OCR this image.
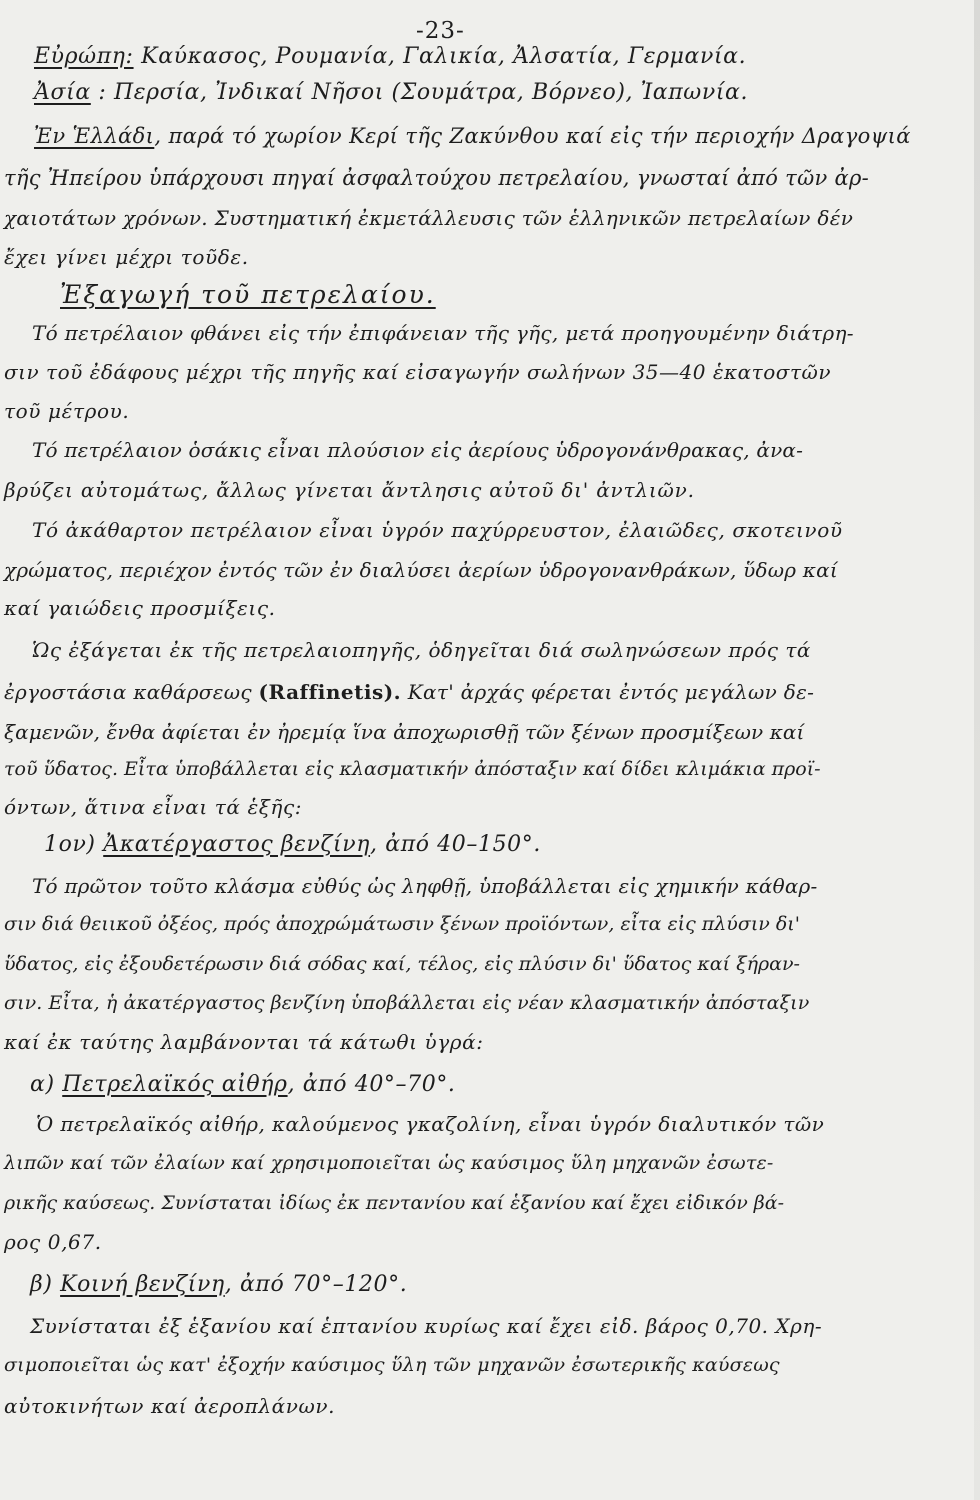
-23-
Εὐρώπη: Καύκασος, Ρουμανία, Γαλικία, Ἀλσατία, Γερμανία.
Ἀσία : Περσία, Ἰνδικαί Νῆσοι (Σουμάτρα, Βόρνεο), Ἰαπωνία.
Ἐν Ἑλλάδι, παρά τό χωρίον Κερί τῆς Ζακύνθου καί εἰς τήν περιοχήν Δραγοψιά
τῆς Ἠπείρου ὑπάρχουσι πηγαί ἀσφαλτούχου πετρελαίου, γνωσταί ἀπό τῶν ἀρ-
χαιοτάτων χρόνων. Συστηματική ἐκμετάλλευσις τῶν ἑλληνικῶν πετρελαίων δέν
ἔχει γίνει μέχρι τοῦδε.
Ἐξαγωγή τοῦ πετρελαίου.
Τό πετρέλαιον φθάνει εἰς τήν ἐπιφάνειαν τῆς γῆς, μετά προηγουμένην διάτρη-
σιν τοῦ ἐδάφους μέχρι τῆς πηγῆς καί εἰσαγωγήν σωλήνων 35—40 ἑκατοστῶν
τοῦ μέτρου.
Τό πετρέλαιον ὁσάκις εἶναι πλούσιον εἰς ἀερίους ὑδρογονάνθρακας, ἀνα-
βρύζει αὐτομάτως, ἄλλως γίνεται ἄντλησις αὐτοῦ δι' ἀντλιῶν.
Τό ἀκάθαρτον πετρέλαιον εἶναι ὑγρόν παχύρρευστον, ἐλαιῶδες, σκοτεινοῦ
χρώματος, περιέχον ἐντός τῶν ἐν διαλύσει ἀερίων ὑδρογονανθράκων, ὕδωρ καί
καί γαιώδεις προσμίξεις.
Ὡς ἐξάγεται ἐκ τῆς πετρελαιοπηγῆς, ὁδηγεῖται διά σωληνώσεων πρός τά
ἐργοστάσια καθάρσεως (Raffinetis). Κατ' ἀρχάς φέρεται ἐντός μεγάλων δε-
ξαμενῶν, ἔνθα ἀφίεται ἐν ἠρεμίᾳ ἵνα ἀποχωρισθῇ τῶν ξένων προσμίξεων καί
τοῦ ὕδατος. Εἶτα ὑποβάλλεται εἰς κλασματικήν ἀπόσταξιν καί δίδει κλιμάκια προϊ-
όντων, ἅτινα εἶναι τά ἑξῆς:
1ον) Ἀκατέργαστος βενζίνη, ἀπό 40–150°.
Τό πρῶτον τοῦτο κλάσμα εὐθύς ὡς ληφθῇ, ὑποβάλλεται εἰς χημικήν κάθαρ-
σιν διά θειικοῦ ὀξέος, πρός ἀποχρώμάτωσιν ξένων προϊόντων, εἶτα εἰς πλύσιν δι'
ὕδατος, εἰς ἐξουδετέρωσιν διά σόδας καί, τέλος, εἰς πλύσιν δι' ὕδατος καί ξήραν-
σιν. Εἶτα, ἡ ἀκατέργαστος βενζίνη ὑποβάλλεται εἰς νέαν κλασματικήν ἀπόσταξιν
καί ἐκ ταύτης λαμβάνονται τά κάτωθι ὑγρά:
α) Πετρελαϊκός αἰθήρ, ἀπό 40°–70°.
Ὁ πετρελαϊκός αἰθήρ, καλούμενος γκαζολίνη, εἶναι ὑγρόν διαλυτικόν τῶν
λιπῶν καί τῶν ἐλαίων καί χρησιμοποιεῖται ὡς καύσιμος ὕλη μηχανῶν ἐσωτε-
ρικῆς καύσεως. Συνίσταται ἰδίως ἐκ πεντανίου καί ἑξανίου καί ἔχει εἰδικόν βά-
ρος 0,67.
β) Κοινή βενζίνη, ἀπό 70°–120°.
Συνίσταται ἐξ ἑξανίου καί ἑπτανίου κυρίως καί ἔχει εἰδ. βάρος 0,70. Χρη-
σιμοποιεῖται ὡς κατ' ἐξοχήν καύσιμος ὕλη τῶν μηχανῶν ἐσωτερικῆς καύσεως
αὐτοκινήτων καί ἀεροπλάνων.
